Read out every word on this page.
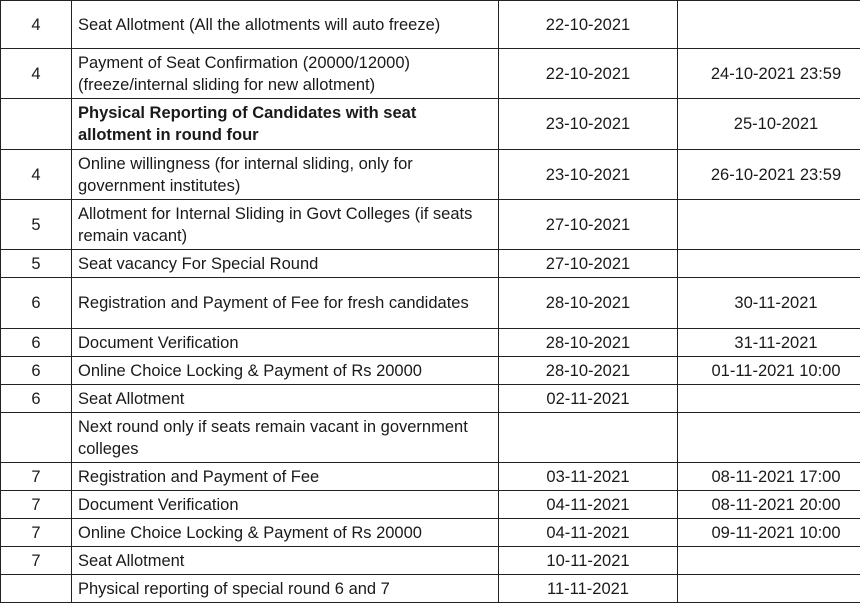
4	Seat Allotment (All the allotments will auto freeze)	22-10-2021	
4	Payment of Seat Confirmation (20000/12000) (freeze/internal sliding for new allotment)	22-10-2021	24-10-2021 23:59
	Physical Reporting of Candidates with seat allotment in round four	23-10-2021	25-10-2021
4	Online willingness (for internal sliding, only for government institutes)	23-10-2021	26-10-2021 23:59
5	Allotment for Internal Sliding in Govt Colleges (if seats remain vacant)	27-10-2021	
5	Seat vacancy For Special Round	27-10-2021	
6	Registration and Payment of Fee for fresh candidates	28-10-2021	30-11-2021
6	Document Verification	28-10-2021	31-11-2021
6	Online Choice Locking & Payment of Rs 20000	28-10-2021	01-11-2021 10:00
6	Seat Allotment	02-11-2021	
	Next round only if seats remain vacant in government colleges		
7	Registration and Payment of Fee	03-11-2021	08-11-2021 17:00
7	Document Verification	04-11-2021	08-11-2021 20:00
7	Online Choice Locking & Payment of Rs 20000	04-11-2021	09-11-2021 10:00
7	Seat Allotment	10-11-2021	
	Physical reporting of special round 6 and 7	11-11-2021	
